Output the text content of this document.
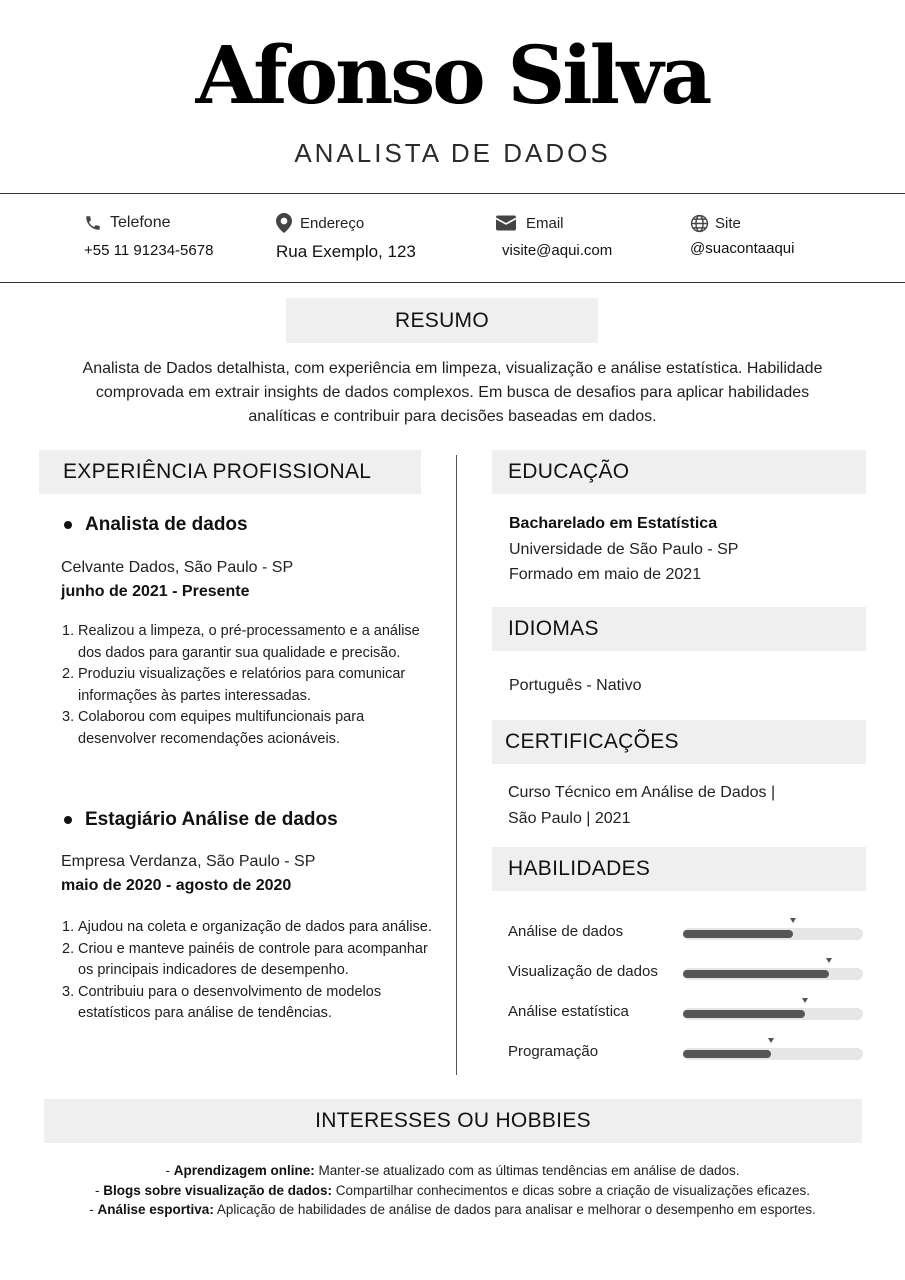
Afonso Silva
ANALISTA DE DADOS
Telefone
+55 11 91234-5678
Endereço
Rua Exemplo, 123
Email
visite@aqui.com
Site
@suacontaaqui
RESUMO
Analista de Dados detalhista, com experiência em limpeza, visualização e análise estatística. Habilidade comprovada em extrair insights de dados complexos. Em busca de desafios para aplicar habilidades analíticas e contribuir para decisões baseadas em dados.
EXPERIÊNCIA PROFISSIONAL
Analista de dados
Celvante Dados, São Paulo - SP
junho de 2021 - Presente
1. Realizou a limpeza, o pré-processamento e a análise dos dados para garantir sua qualidade e precisão.
2. Produziu visualizações e relatórios para comunicar informações às partes interessadas.
3. Colaborou com equipes multifuncionais para desenvolver recomendações acionáveis.
Estagiário Análise de dados
Empresa Verdanza, São Paulo - SP
maio de 2020 - agosto de 2020
1. Ajudou na coleta e organização de dados para análise.
2. Criou e manteve painéis de controle para acompanhar os principais indicadores de desempenho.
3. Contribuiu para o desenvolvimento de modelos estatísticos para análise de tendências.
EDUCAÇÃO
Bacharelado em Estatística
Universidade de São Paulo - SP
Formado em maio de 2021
IDIOMAS
Português - Nativo
CERTIFICAÇÕES
Curso Técnico em Análise de Dados |
São Paulo | 2021
HABILIDADES
Análise de dados
Visualização de dados
Análise estatística
Programação
INTERESSES OU HOBBIES
- Aprendizagem online: Manter-se atualizado com as últimas tendências em análise de dados.
- Blogs sobre visualização de dados: Compartilhar conhecimentos e dicas sobre a criação de visualizações eficazes.
- Análise esportiva: Aplicação de habilidades de análise de dados para analisar e melhorar o desempenho em esportes.
